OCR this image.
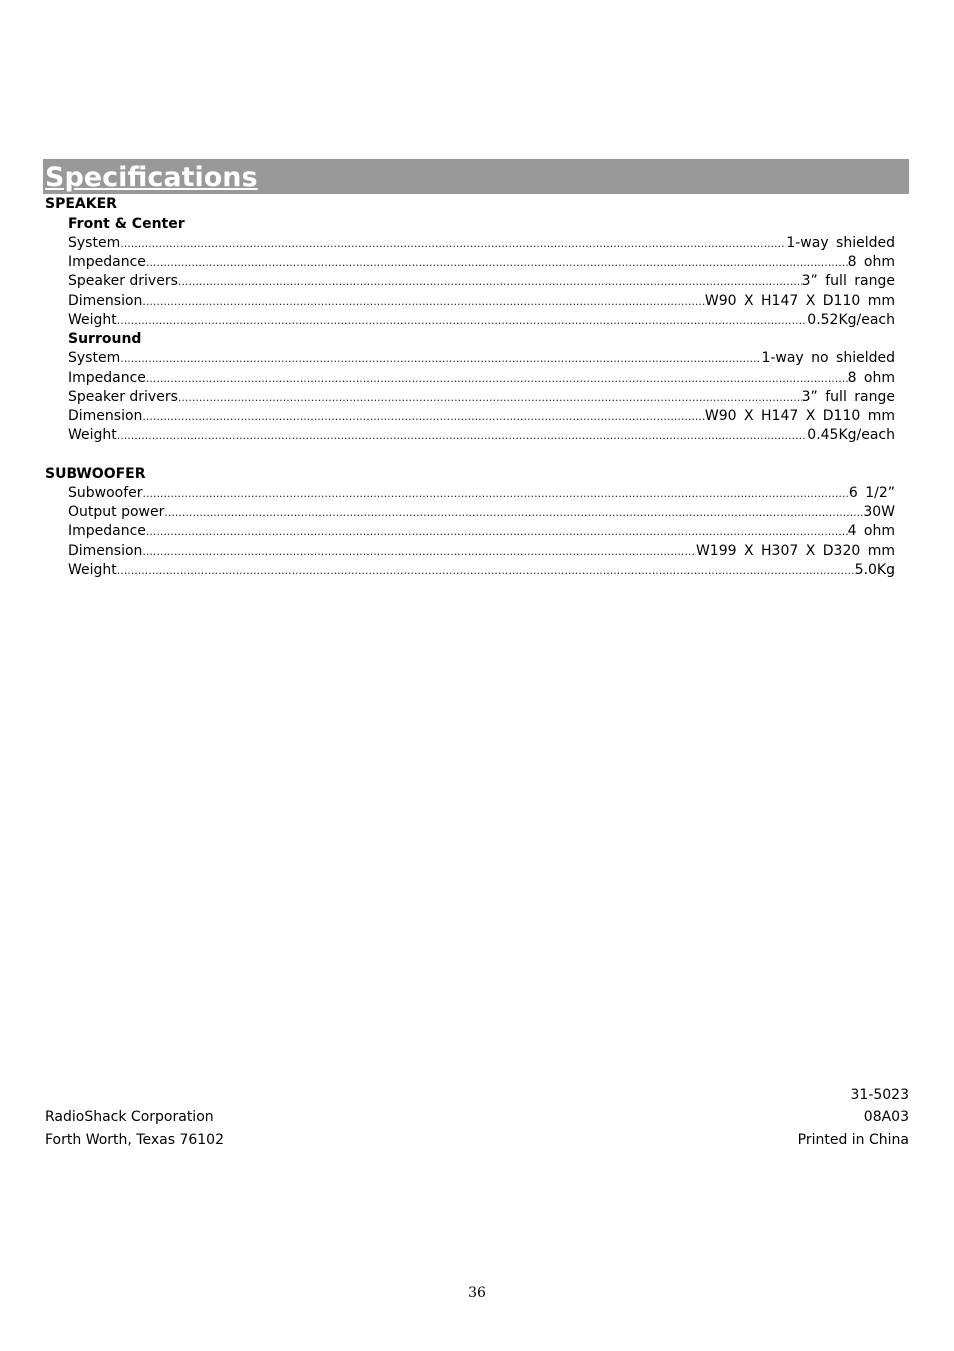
Specifications
SPEAKER
Front & Center
System .....	1-way shielded
Impedance .....	8 ohm
Speaker drivers .....	3” full range
Dimension .....	W90 X H147 X D110 mm
Weight .....	0.52Kg/each
Surround
System .....	1-way no shielded
Impedance .....	8 ohm
Speaker drivers .....	3” full range
Dimension .....	W90 X H147 X D110 mm
Weight .....	0.45Kg/each
SUBWOOFER
Subwoofer .....	6 1/2”
Output power .....	30W
Impedance .....	4 ohm
Dimension .....	W199 X H307 X D320 mm
Weight .....	5.0Kg
RadioShack Corporation
Forth Worth, Texas 76102
31-5023
08A03
Printed in China
36
